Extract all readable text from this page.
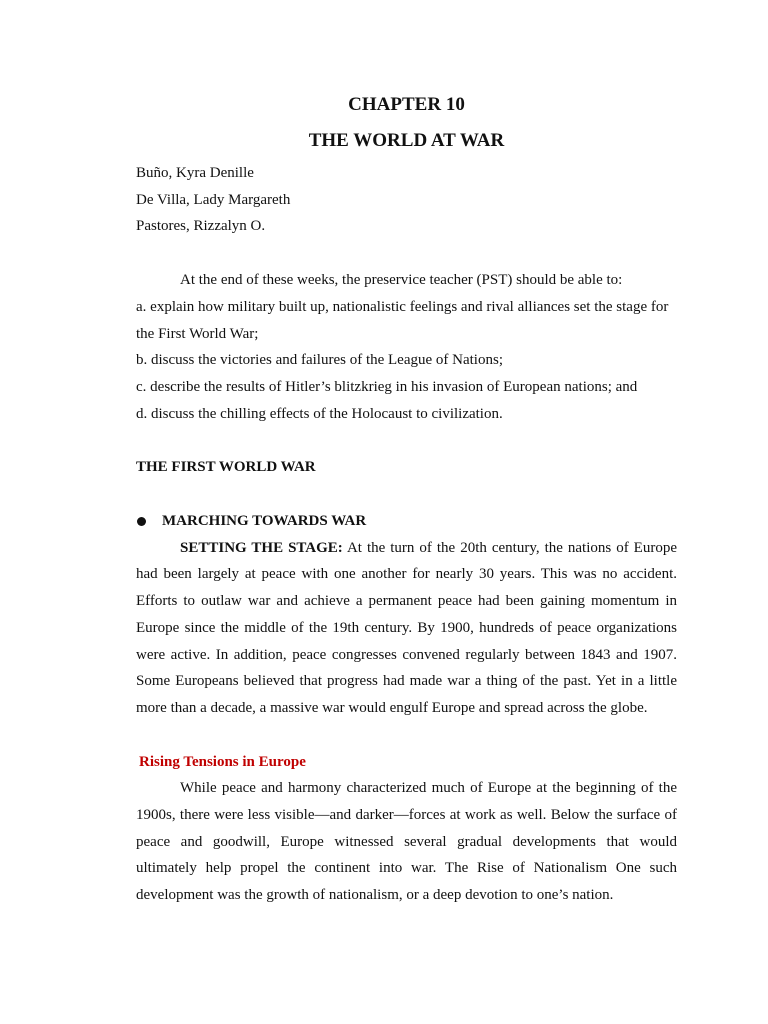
CHAPTER 10
THE WORLD AT WAR
Buño, Kyra Denille
De Villa, Lady Margareth
Pastores, Rizzalyn O.

At the end of these weeks, the preservice teacher (PST) should be able to:

a. explain how military built up, nationalistic feelings and rival alliances set the stage for the First World War;

b. discuss the victories and failures of the League of Nations;

c. describe the results of Hitler’s blitzkrieg in his invasion of European nations; and

d. discuss the chilling effects of the Holocaust to civilization.

THE FIRST WORLD WAR
MARCHING TOWARDS WAR

SETTING THE STAGE: At the turn of the 20th century, the nations of Europe had been largely at peace with one another for nearly 30 years. This was no accident. Efforts to outlaw war and achieve a permanent peace had been gaining momentum in Europe since the middle of the 19th century. By 1900, hundreds of peace organizations were active. In addition, peace congresses convened regularly between 1843 and 1907. Some Europeans believed that progress had made war a thing of the past. Yet in a little more than a decade, a massive war would engulf Europe and spread across the globe.

Rising Tensions in Europe

While peace and harmony characterized much of Europe at the beginning of the 1900s, there were less visible—and darker—forces at work as well. Below the surface of peace and goodwill, Europe witnessed several gradual developments that would ultimately help propel the continent into war. The Rise of Nationalism One such development was the growth of nationalism, or a deep devotion to one’s nation.
